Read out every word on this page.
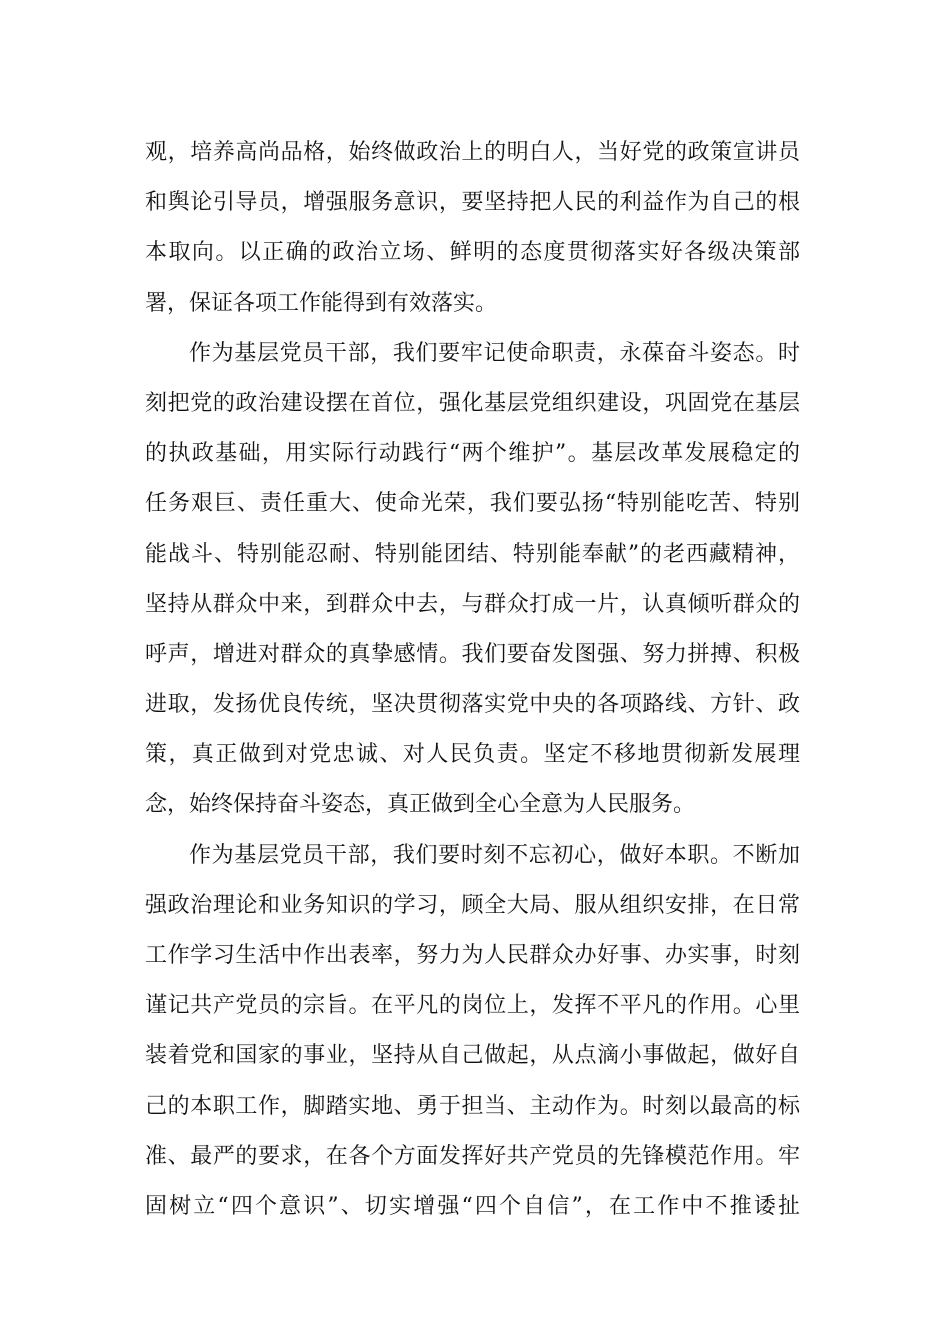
观，培养高尚品格，始终做政治上的明白人，当好党的政策宣讲员
和舆论引导员，增强服务意识，要坚持把人民的利益作为自己的根
本取向。以正确的政治立场、鲜明的态度贯彻落实好各级决策部
署，保证各项工作能得到有效落实。
作为基层党员干部，我们要牢记使命职责，永葆奋斗姿态。时
刻把党的政治建设摆在首位，强化基层党组织建设，巩固党在基层
的执政基础，用实际行动践行“两个维护”。基层改革发展稳定的
任务艰巨、责任重大、使命光荣，我们要弘扬“特别能吃苦、特别
能战斗、特别能忍耐、特别能团结、特别能奉献”的老西藏精神，
坚持从群众中来，到群众中去，与群众打成一片，认真倾听群众的
呼声，增进对群众的真挚感情。我们要奋发图强、努力拼搏、积极
进取，发扬优良传统，坚决贯彻落实党中央的各项路线、方针、政
策，真正做到对党忠诚、对人民负责。坚定不移地贯彻新发展理
念，始终保持奋斗姿态，真正做到全心全意为人民服务。
作为基层党员干部，我们要时刻不忘初心，做好本职。不断加
强政治理论和业务知识的学习，顾全大局、服从组织安排，在日常
工作学习生活中作出表率，努力为人民群众办好事、办实事，时刻
谨记共产党员的宗旨。在平凡的岗位上，发挥不平凡的作用。心里
装着党和国家的事业，坚持从自己做起，从点滴小事做起，做好自
己的本职工作，脚踏实地、勇于担当、主动作为。时刻以最高的标
准、最严的要求，在各个方面发挥好共产党员的先锋模范作用。牢
固树立“四个意识”、切实增强“四个自信”，在工作中不推诿扯
